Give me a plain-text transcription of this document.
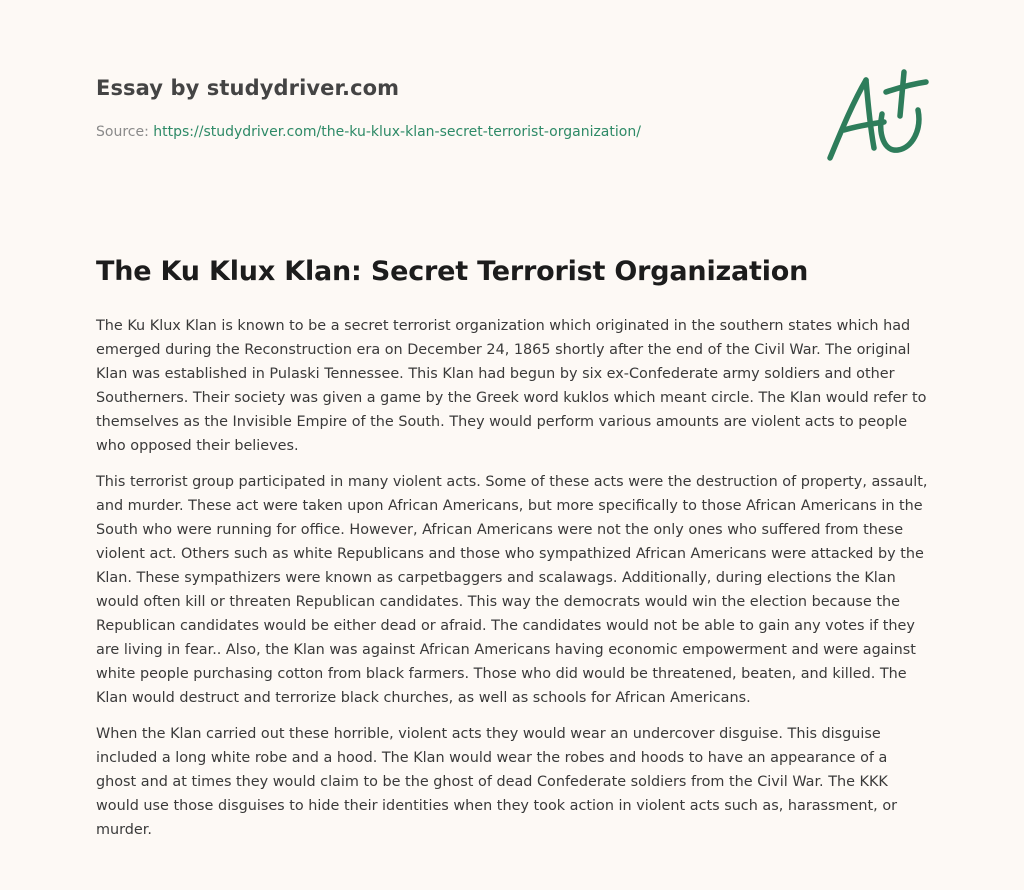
Essay by studydriver.com
Source: https://studydriver.com/the-ku-klux-klan-secret-terrorist-organization/
The Ku Klux Klan: Secret Terrorist Organization

The Ku Klux Klan is known to be a secret terrorist organization which originated in the southern states which had emerged during the Reconstruction era on December 24, 1865 shortly after the end of the Civil War. The original Klan was established in Pulaski Tennessee. This Klan had begun by six ex-Confederate army soldiers and other Southerners. Their society was given a game by the Greek word kuklos which meant circle. The Klan would refer to themselves as the Invisible Empire of the South. They would perform various amounts are violent acts to people who opposed their believes.

This terrorist group participated in many violent acts. Some of these acts were the destruction of property, assault, and murder. These act were taken upon African Americans, but more specifically to those African Americans in the South who were running for office. However, African Americans were not the only ones who suffered from these violent act. Others such as white Republicans and those who sympathized African Americans were attacked by the Klan. These sympathizers were known as carpetbaggers and scalawags. Additionally, during elections the Klan would often kill or threaten Republican candidates. This way the democrats would win the election because the Republican candidates would be either dead or afraid. The candidates would not be able to gain any votes if they are living in fear.. Also, the Klan was against African Americans having economic empowerment and were against white people purchasing cotton from black farmers. Those who did would be threatened, beaten, and killed. The Klan would destruct and terrorize black churches, as well as schools for African Americans.

When the Klan carried out these horrible, violent acts they would wear an undercover disguise. This disguise included a long white robe and a hood. The Klan would wear the robes and hoods to have an appearance of a ghost and at times they would claim to be the ghost of dead Confederate soldiers from the Civil War. The KKK would use those disguises to hide their identities when they took action in violent acts such as, harassment, or murder.
